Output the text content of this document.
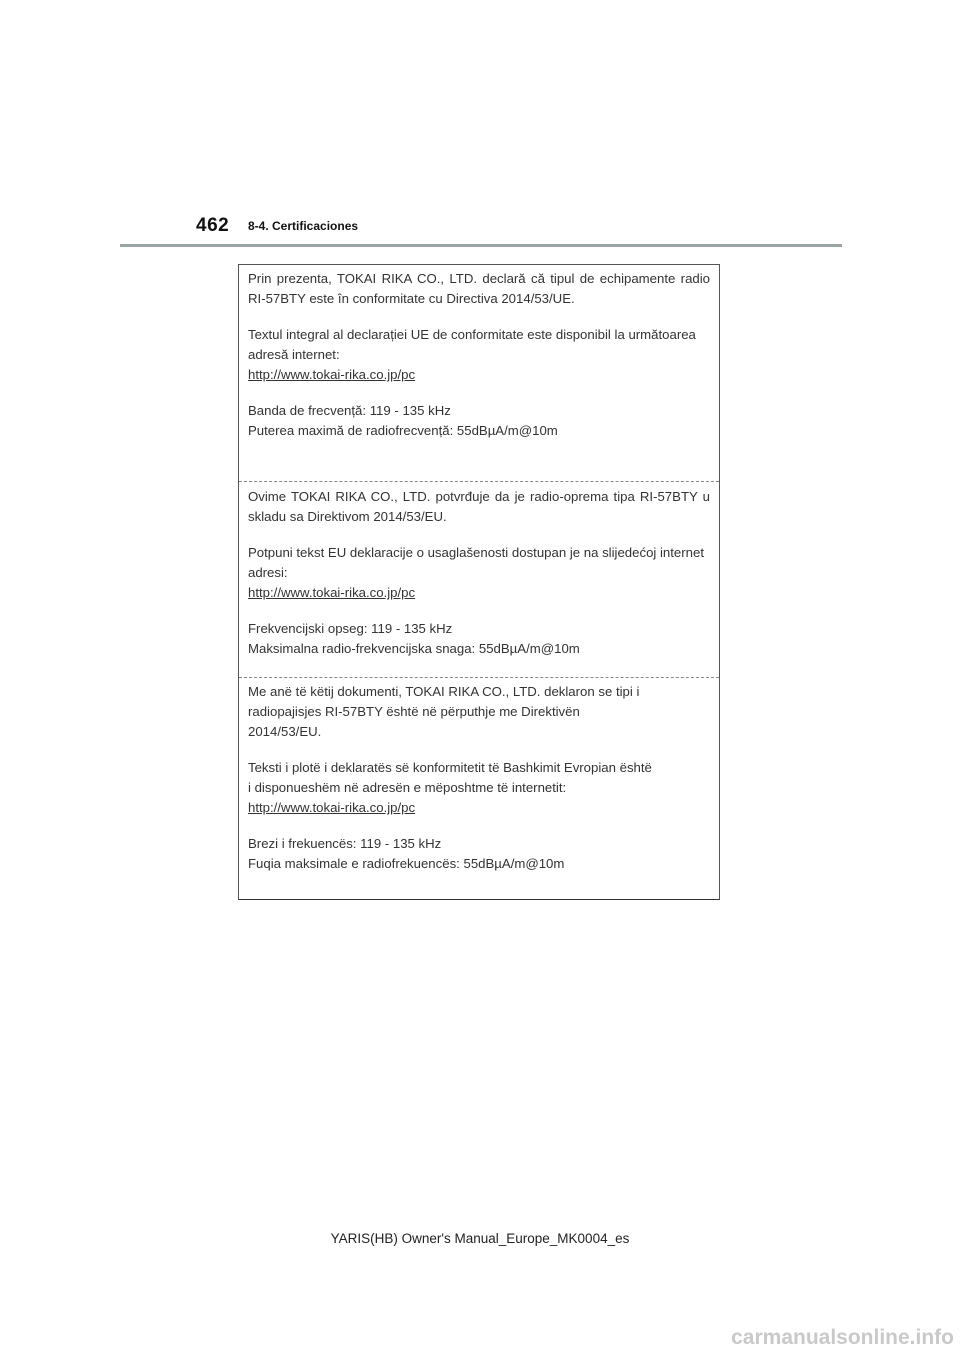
462 8-4. Certificaciones

Prin prezenta, TOKAI RIKA CO., LTD. declară că tipul de echipamente radio RI-57BTY este în conformitate cu Directiva 2014/53/UE.

Textul integral al declarației UE de conformitate este disponibil la următoarea adresă internet:

http://www.tokai-rika.co.jp/pc

Banda de frecvență: 119 - 135 kHz

Puterea maximă de radiofrecvență: 55dBµA/m@10m

Ovime TOKAI RIKA CO., LTD. potvrđuje da je radio-oprema tipa RI-57BTY u skladu sa Direktivom 2014/53/EU.

Potpuni tekst EU deklaracije o usaglašenosti dostupan je na slijedećoj internet adresi:

http://www.tokai-rika.co.jp/pc

Frekvencijski opseg: 119 - 135 kHz

Maksimalna radio-frekvencijska snaga: 55dBµA/m@10m

Me anë të këtij dokumenti, TOKAI RIKA CO., LTD. deklaron se tipi i

radiopajisjes RI-57BTY është në përputhje me Direktivën

2014/53/EU.

Teksti i plotë i deklaratës së konformitetit të Bashkimit Evropian është

i disponueshëm në adresën e mëposhtme të internetit:

http://www.tokai-rika.co.jp/pc

Brezi i frekuencës: 119 - 135 kHz

Fuqia maksimale e radiofrekuencës: 55dBµA/m@10m

YARIS(HB) Owner's Manual_Europe_MK0004_es
carmanualsonline.info
